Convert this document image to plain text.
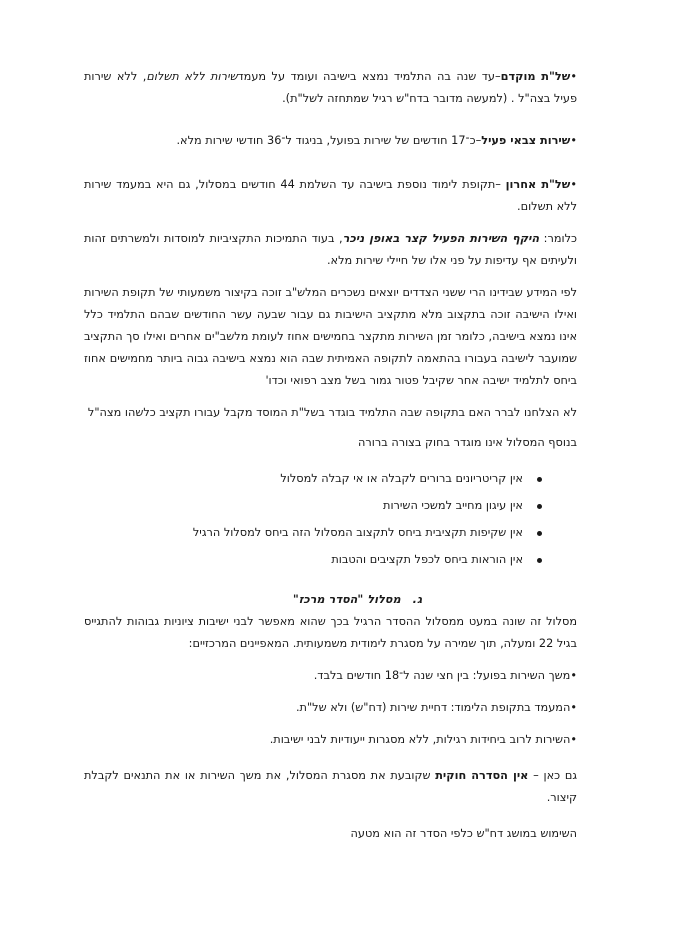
•של"ת מוקדם–עד שנה בה התלמיד נמצא בישיבה ועומד על מעמדשירות ללא תשלום, ללא שירות פעיל בצה"ל . (למעשה מדובר בדח"ש רגיל שמתחזה לשל"ת).

•שירות צבאי פעיל–כ־17 חודשים של שירות בפועל, בניגוד ל־36 חודשי שירות מלא.

•של"ת אחרון –תקופת לימוד נוספת בישיבה עד השלמת 44 חודשים במסלול, גם היא במעמד שירות ללא תשלום.

כלומר: היקף השירות הפעיל קצר באופן ניכר, בעוד התמיכות התקציביות למוסדות ולמשרתים זהות ולעיתים אף עדיפות על פני אלו של חיילי שירות מלא.

לפי המידע שבידינו הרי ששני הצדדים יוצאים נשכרים המלש"ב זוכה בקיצור משמעותי של תקופת השירות ואילו הישיבה זוכה בתקצוב מלא מתקציב הישיבות גם עבור שבעה עשר החודשים שבהם התלמיד כלל אינו נמצא בישיבה, כלומר זמן השירות מתקצר בחמישים אחוז לעומת מלשב"ים אחרים ואילו סך התקציב שמועבר לישיבה בעבורו בהתאמה לתקופה האמיתית שבה הוא נמצא בישיבה גבוה ביותר מחמישים אחוז ביחס לתלמיד ישיבה אחר שקיבל פטור גמור בשל מצב רפואי וכדו'

לא הצלחנו לברר האם בתקופה שבה התלמיד בוגדר בשל"ת המוסד מקבל עבורו תקציב כלשהו מצה"ל

בנוסף המסלול אינו מוגדר בחוק בצורה ברורה

אין קריטריונים ברורים לקבלה או אי קבלה למסלול
אין עיגון מחייב למשכי השירות
אין שקיפות תקציבית ביחס לתקצוב המסלול הזה ביחס למסלול הרגיל
אין הוראות ביחס לכפל תקציבים והטבות

ג.מסלול "הסדר מרכז"

מסלול זה שונה במעט ממסלול ההסדר הרגיל בכך שהוא מאפשר לבני ישיבות ציוניות גבוהות להתגייס בגיל 22 ומעלה, תוך שמירה על מסגרת לימודית משמעותית. המאפיינים המרכזיים:

•משך השירות בפועל: בין חצי שנה ל־18 חודשים בלבד.

•המעמד בתקופת הלימוד: דחיית שירות (דח"ש) ולא של"ת.

•השירות לרוב ביחידות רגילות, ללא מסגרות ייעודיות לבני ישיבות.

גם כאן – אין הסדרה חוקית שקובעת את מסגרת המסלול, את משך השירות או את התנאים לקבלת קיצור.

השימוש במושג דח"ש כלפי הסדר זה הוא מטעה
